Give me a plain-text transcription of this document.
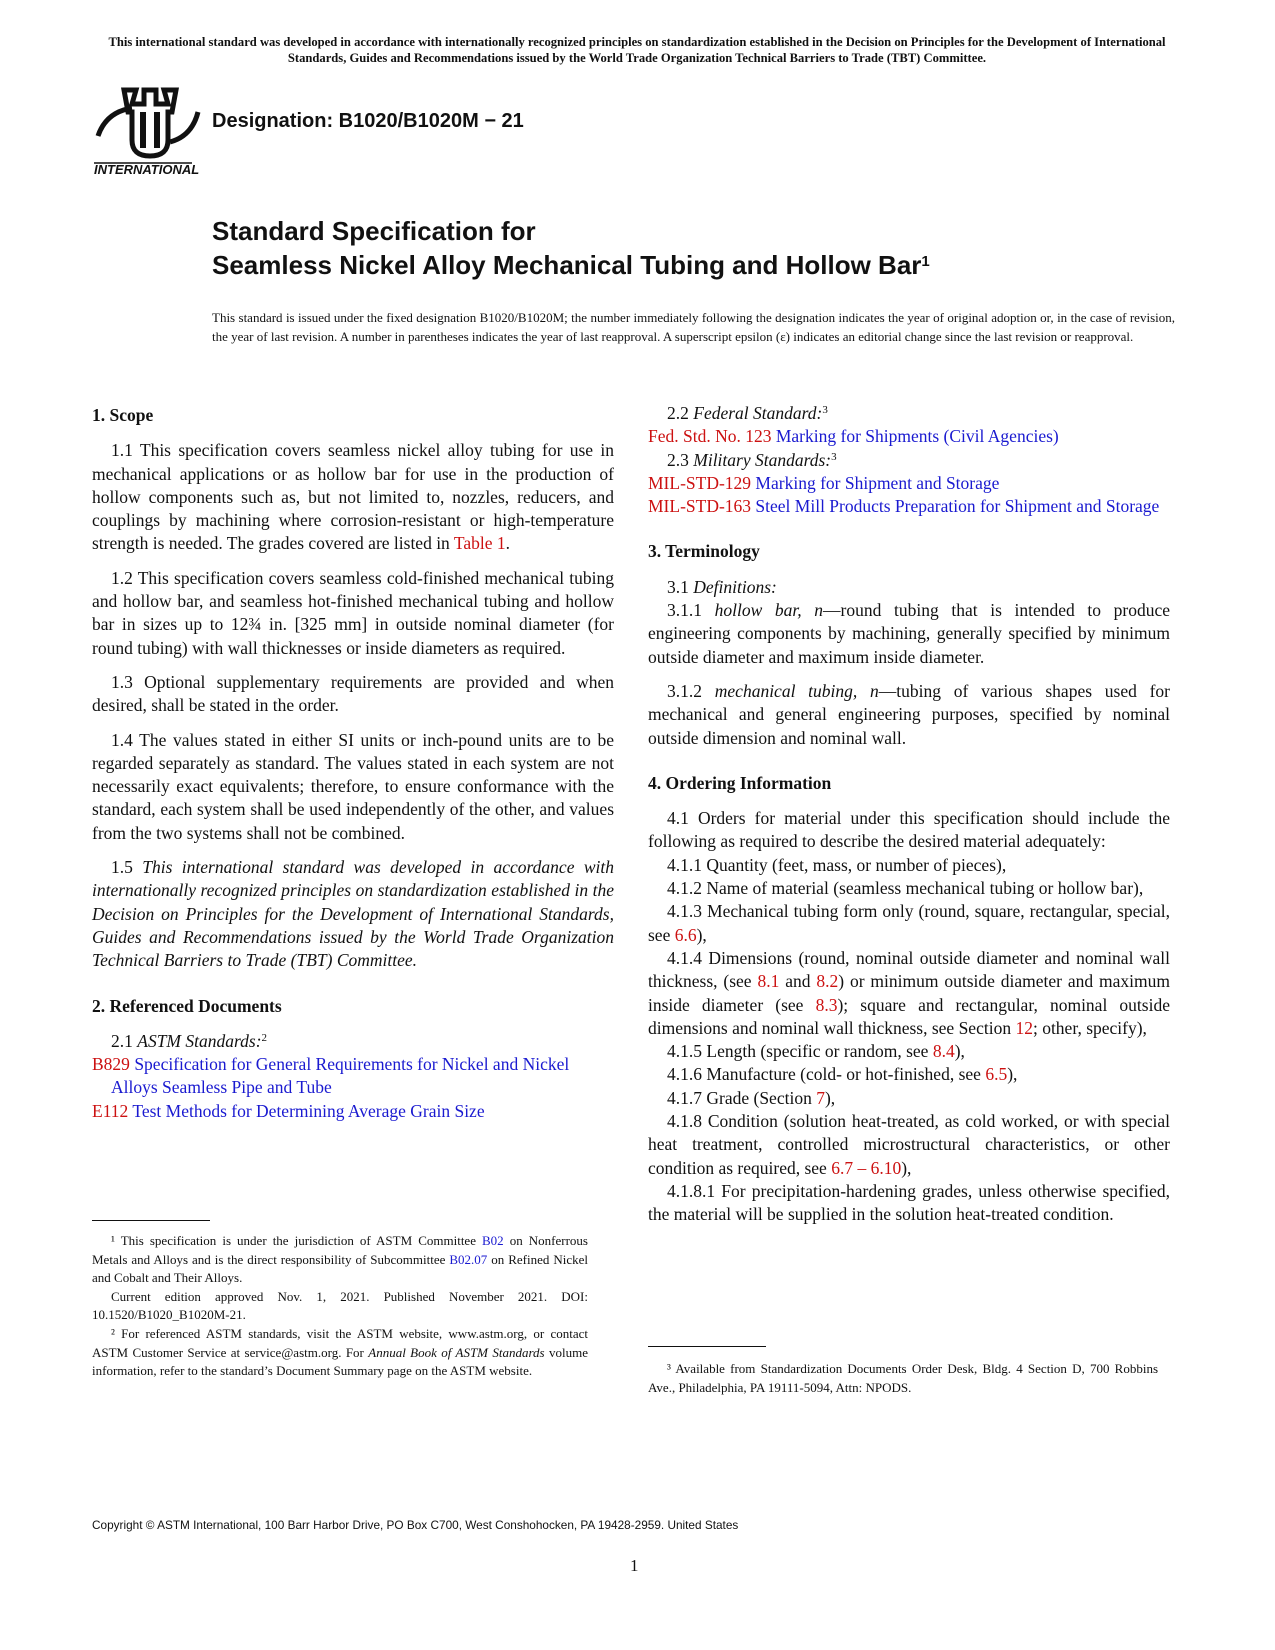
This international standard was developed in accordance with internationally recognized principles on standardization established in the Decision on Principles for the Development of International Standards, Guides and Recommendations issued by the World Trade Organization Technical Barriers to Trade (TBT) Committee.
INTERNATIONAL
Designation: B1020/B1020M − 21
Standard Specification for
Seamless Nickel Alloy Mechanical Tubing and Hollow Bar$^1$
This standard is issued under the fixed designation B1020/B1020M; the number immediately following the designation indicates the year of original adoption or, in the case of revision, the year of last revision. A number in parentheses indicates the year of last reapproval. A superscript epsilon (ε) indicates an editorial change since the last revision or reapproval.
1. Scope

1.1 This specification covers seamless nickel alloy tubing for use in mechanical applications or as hollow bar for use in the production of hollow components such as, but not limited to, nozzles, reducers, and couplings by machining where corrosion-resistant or high-temperature strength is needed. The grades covered are listed in Table 1.

1.2 This specification covers seamless cold-finished mechanical tubing and hollow bar, and seamless hot-finished mechanical tubing and hollow bar in sizes up to 12¾ in. [325 mm] in outside nominal diameter (for round tubing) with wall thicknesses or inside diameters as required.

1.3 Optional supplementary requirements are provided and when desired, shall be stated in the order.

1.4 The values stated in either SI units or inch-pound units are to be regarded separately as standard. The values stated in each system are not necessarily exact equivalents; therefore, to ensure conformance with the standard, each system shall be used independently of the other, and values from the two systems shall not be combined.

1.5 This international standard was developed in accordance with internationally recognized principles on standardization established in the Decision on Principles for the Development of International Standards, Guides and Recommendations issued by the World Trade Organization Technical Barriers to Trade (TBT) Committee.

2. Referenced Documents

2.1 ASTM Standards:$^2$

B829 Specification for General Requirements for Nickel and Nickel Alloys Seamless Pipe and Tube

E112 Test Methods for Determining Average Grain Size

¹ This specification is under the jurisdiction of ASTM Committee B02 on Nonferrous Metals and Alloys and is the direct responsibility of Subcommittee B02.07 on Refined Nickel and Cobalt and Their Alloys.

Current edition approved Nov. 1, 2021. Published November 2021. DOI: 10.1520/B1020_B1020M-21.

² For referenced ASTM standards, visit the ASTM website, www.astm.org, or contact ASTM Customer Service at service@astm.org. For Annual Book of ASTM Standards volume information, refer to the standard’s Document Summary page on the ASTM website.

2.2 Federal Standard:$^3$

Fed. Std. No. 123 Marking for Shipments (Civil Agencies)

2.3 Military Standards:$^3$

MIL-STD-129 Marking for Shipment and Storage

MIL-STD-163 Steel Mill Products Preparation for Shipment and Storage

3. Terminology

3.1 Definitions:

3.1.1 hollow bar, n—round tubing that is intended to produce engineering components by machining, generally specified by minimum outside diameter and maximum inside diameter.

3.1.2 mechanical tubing, n—tubing of various shapes used for mechanical and general engineering purposes, specified by nominal outside dimension and nominal wall.

4. Ordering Information

4.1 Orders for material under this specification should include the following as required to describe the desired material adequately:

4.1.1 Quantity (feet, mass, or number of pieces),

4.1.2 Name of material (seamless mechanical tubing or hollow bar),

4.1.3 Mechanical tubing form only (round, square, rectangular, special, see 6.6),

4.1.4 Dimensions (round, nominal outside diameter and nominal wall thickness, (see 8.1 and 8.2) or minimum outside diameter and maximum inside diameter (see 8.3); square and rectangular, nominal outside dimensions and nominal wall thickness, see Section 12; other, specify),

4.1.5 Length (specific or random, see 8.4),

4.1.6 Manufacture (cold- or hot-finished, see 6.5),

4.1.7 Grade (Section 7),

4.1.8 Condition (solution heat-treated, as cold worked, or with special heat treatment, controlled microstructural characteristics, or other condition as required, see 6.7 – 6.10),

4.1.8.1 For precipitation-hardening grades, unless otherwise specified, the material will be supplied in the solution heat-treated condition.

³ Available from Standardization Documents Order Desk, Bldg. 4 Section D, 700 Robbins Ave., Philadelphia, PA 19111-5094, Attn: NPODS.

Copyright © ASTM International, 100 Barr Harbor Drive, PO Box C700, West Conshohocken, PA 19428-2959. United States
1
